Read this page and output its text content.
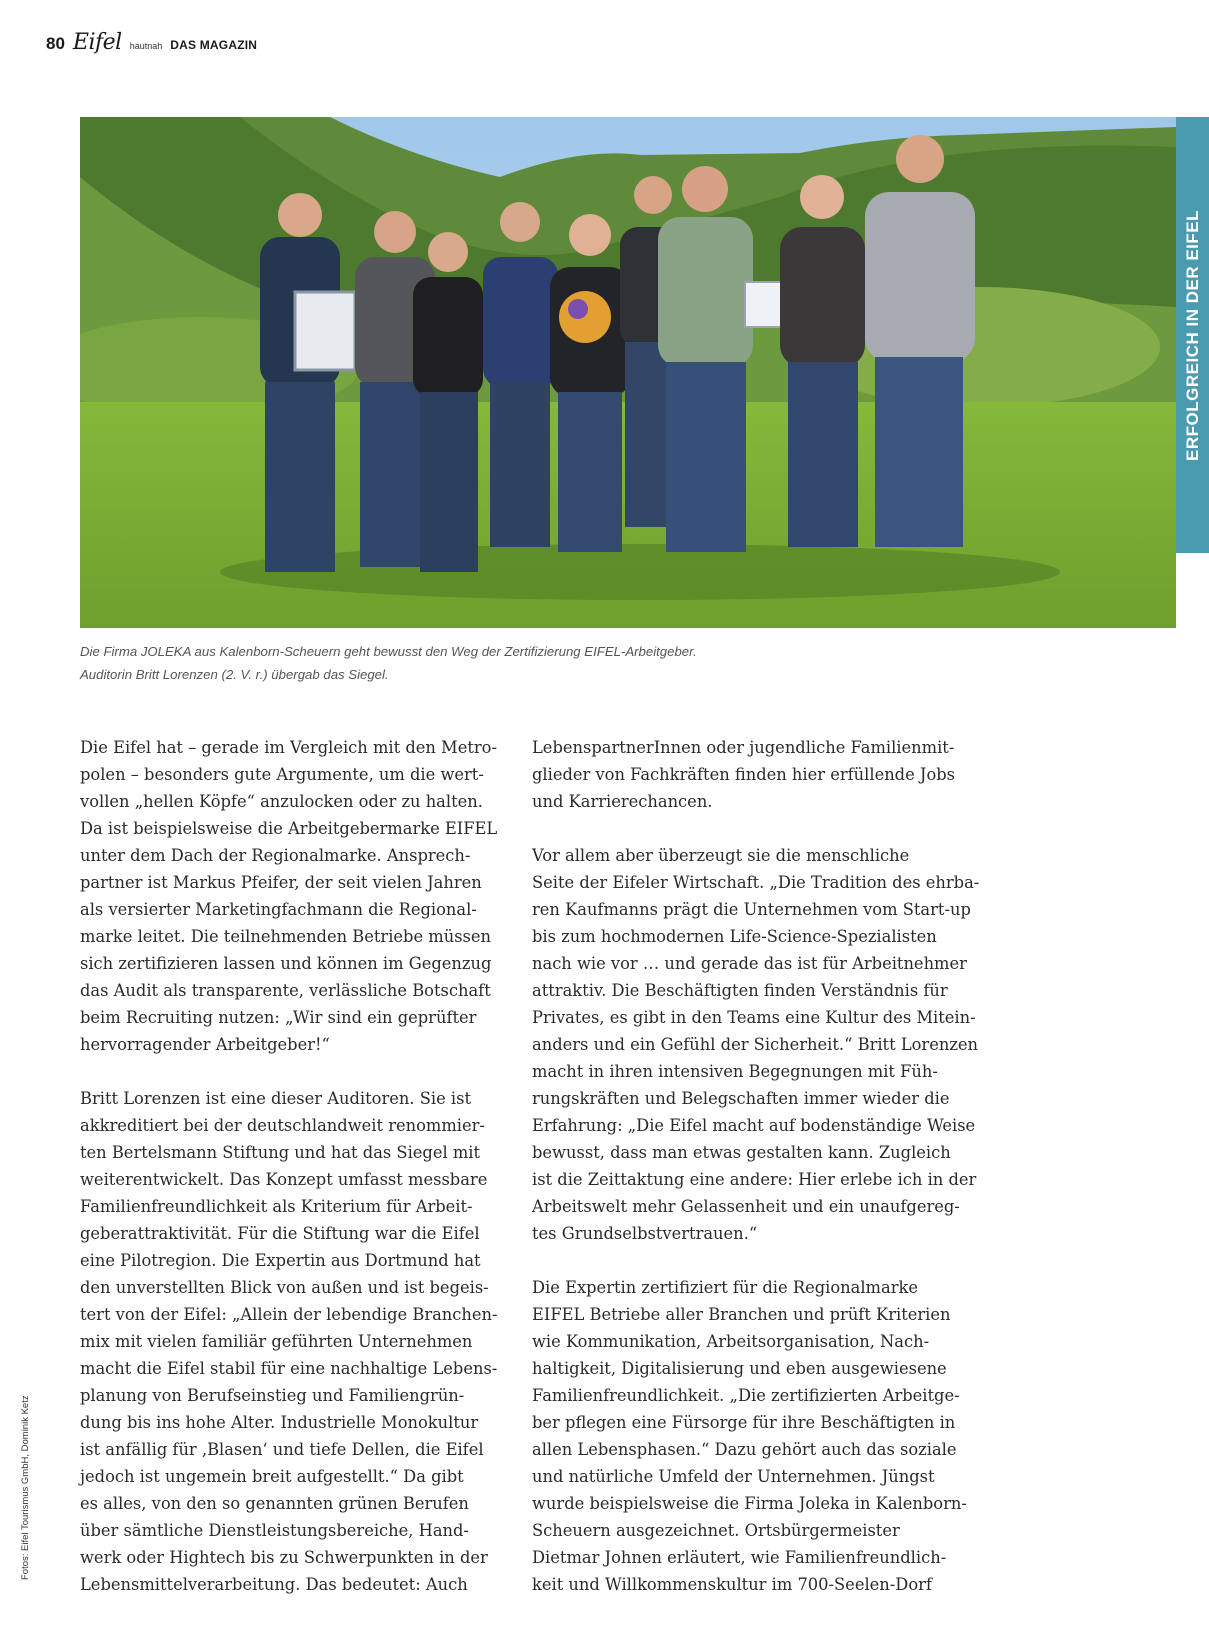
80 Eifel hautnah DAS MAGAZIN
ERFOLGREICH IN DER EIFEL
Die Firma JOLEKA aus Kalenborn-Scheuern geht bewusst den Weg der Zertifizierung EIFEL-Arbeitgeber.
Auditorin Britt Lorenzen (2. V. r.) übergab das Siegel.
Fotos: Eifel Tourismus GmbH, Dominik Ketz
Die Eifel hat – gerade im Vergleich mit den Metro-
polen – besonders gute Argumente, um die wert-
vollen „hellen Köpfe“ anzulocken oder zu halten.
Da ist beispielsweise die Arbeitgebermarke EIFEL
unter dem Dach der Regionalmarke. Ansprech-
partner ist Markus Pfeifer, der seit vielen Jahren
als versierter Marketingfachmann die Regional-
marke leitet. Die teilnehmenden Betriebe müssen
sich zertifizieren lassen und können im Gegenzug
das Audit als transparente, verlässliche Botschaft
beim Recruiting nutzen: „Wir sind ein geprüfter
hervorragender Arbeitgeber!“
Britt Lorenzen ist eine dieser Auditoren. Sie ist
akkreditiert bei der deutschlandweit renommier-
ten Bertelsmann Stiftung und hat das Siegel mit
weiterentwickelt. Das Konzept umfasst messbare
Familienfreundlichkeit als Kriterium für Arbeit-
geberattraktivität. Für die Stiftung war die Eifel
eine Pilotregion. Die Expertin aus Dortmund hat
den unverstellten Blick von außen und ist begeis-
tert von der Eifel: „Allein der lebendige Branchen-
mix mit vielen familiär geführten Unternehmen
macht die Eifel stabil für eine nachhaltige Lebens-
planung von Berufseinstieg und Familiengrün-
dung bis ins hohe Alter. Industrielle Monokultur
ist anfällig für ‚Blasen‘ und tiefe Dellen, die Eifel
jedoch ist ungemein breit aufgestellt.“ Da gibt
es alles, von den so genannten grünen Berufen
über sämtliche Dienstleistungsbereiche, Hand-
werk oder Hightech bis zu Schwerpunkten in der
Lebensmittelverarbeitung. Das bedeutet: Auch
LebenspartnerInnen oder jugendliche Familienmit-
glieder von Fachkräften finden hier erfüllende Jobs
und Karrierechancen.
Vor allem aber überzeugt sie die menschliche
Seite der Eifeler Wirtschaft. „Die Tradition des ehrba-
ren Kaufmanns prägt die Unternehmen vom Start-up
bis zum hochmodernen Life-Science-Spezialisten
nach wie vor … und gerade das ist für Arbeitnehmer
attraktiv. Die Beschäftigten finden Verständnis für
Privates, es gibt in den Teams eine Kultur des Mitein-
anders und ein Gefühl der Sicherheit.“ Britt Lorenzen
macht in ihren intensiven Begegnungen mit Füh-
rungskräften und Belegschaften immer wieder die
Erfahrung: „Die Eifel macht auf bodenständige Weise
bewusst, dass man etwas gestalten kann. Zugleich
ist die Zeittaktung eine andere: Hier erlebe ich in der
Arbeitswelt mehr Gelassenheit und ein unaufgereg-
tes Grundselbstvertrauen.“
Die Expertin zertifiziert für die Regionalmarke
EIFEL Betriebe aller Branchen und prüft Kriterien
wie Kommunikation, Arbeitsorganisation, Nach-
haltigkeit, Digitalisierung und eben ausgewiesene
Familienfreundlichkeit. „Die zertifizierten Arbeitge-
ber pflegen eine Fürsorge für ihre Beschäftigten in
allen Lebensphasen.“ Dazu gehört auch das soziale
und natürliche Umfeld der Unternehmen. Jüngst
wurde beispielsweise die Firma Joleka in Kalenborn-
Scheuern ausgezeichnet. Ortsbürgermeister
Dietmar Johnen erläutert, wie Familienfreundlich-
keit und Willkommenskultur im 700-Seelen-Dorf
